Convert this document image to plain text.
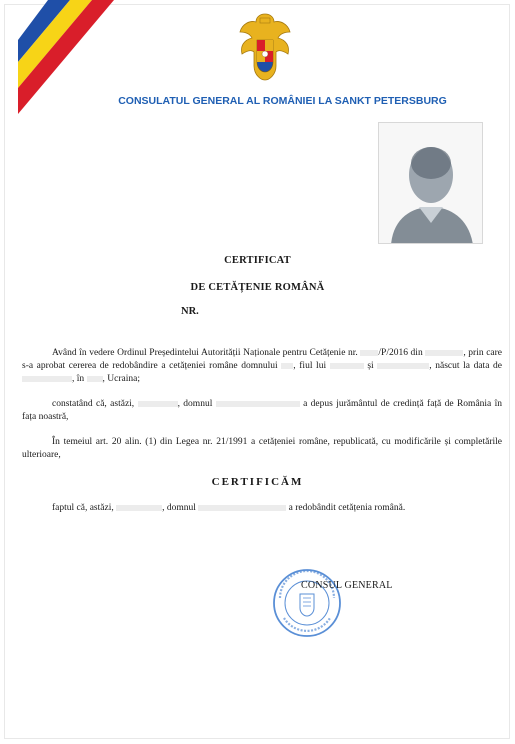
CONSULATUL GENERAL AL ROMÂNIEI LA SANKT PETERSBURG
CERTIFICAT
DE CETĂȚENIE ROMÂNĂ
NR.
Având în vedere Ordinul Președintelui Autorității Naționale pentru Cetățenie nr. /P/2016 din	, prin care s-a aprobat cererea de redobândire a cetățeniei române domnului , fiul lui	și	, născut la data de , în , Ucraina;
constatând că, astăzi,	, domnul	a depus jurământul de credință față de România în fața noastră,
În temeiul art. 20 alin. (1) din Legea nr. 21/1991 a cetățeniei române, republicată, cu modificările și completările ulterioare,
CERTIFICĂM
faptul că, astăzi,	, domnul	a redobândit cetățenia română.
CONSUL GENERAL
